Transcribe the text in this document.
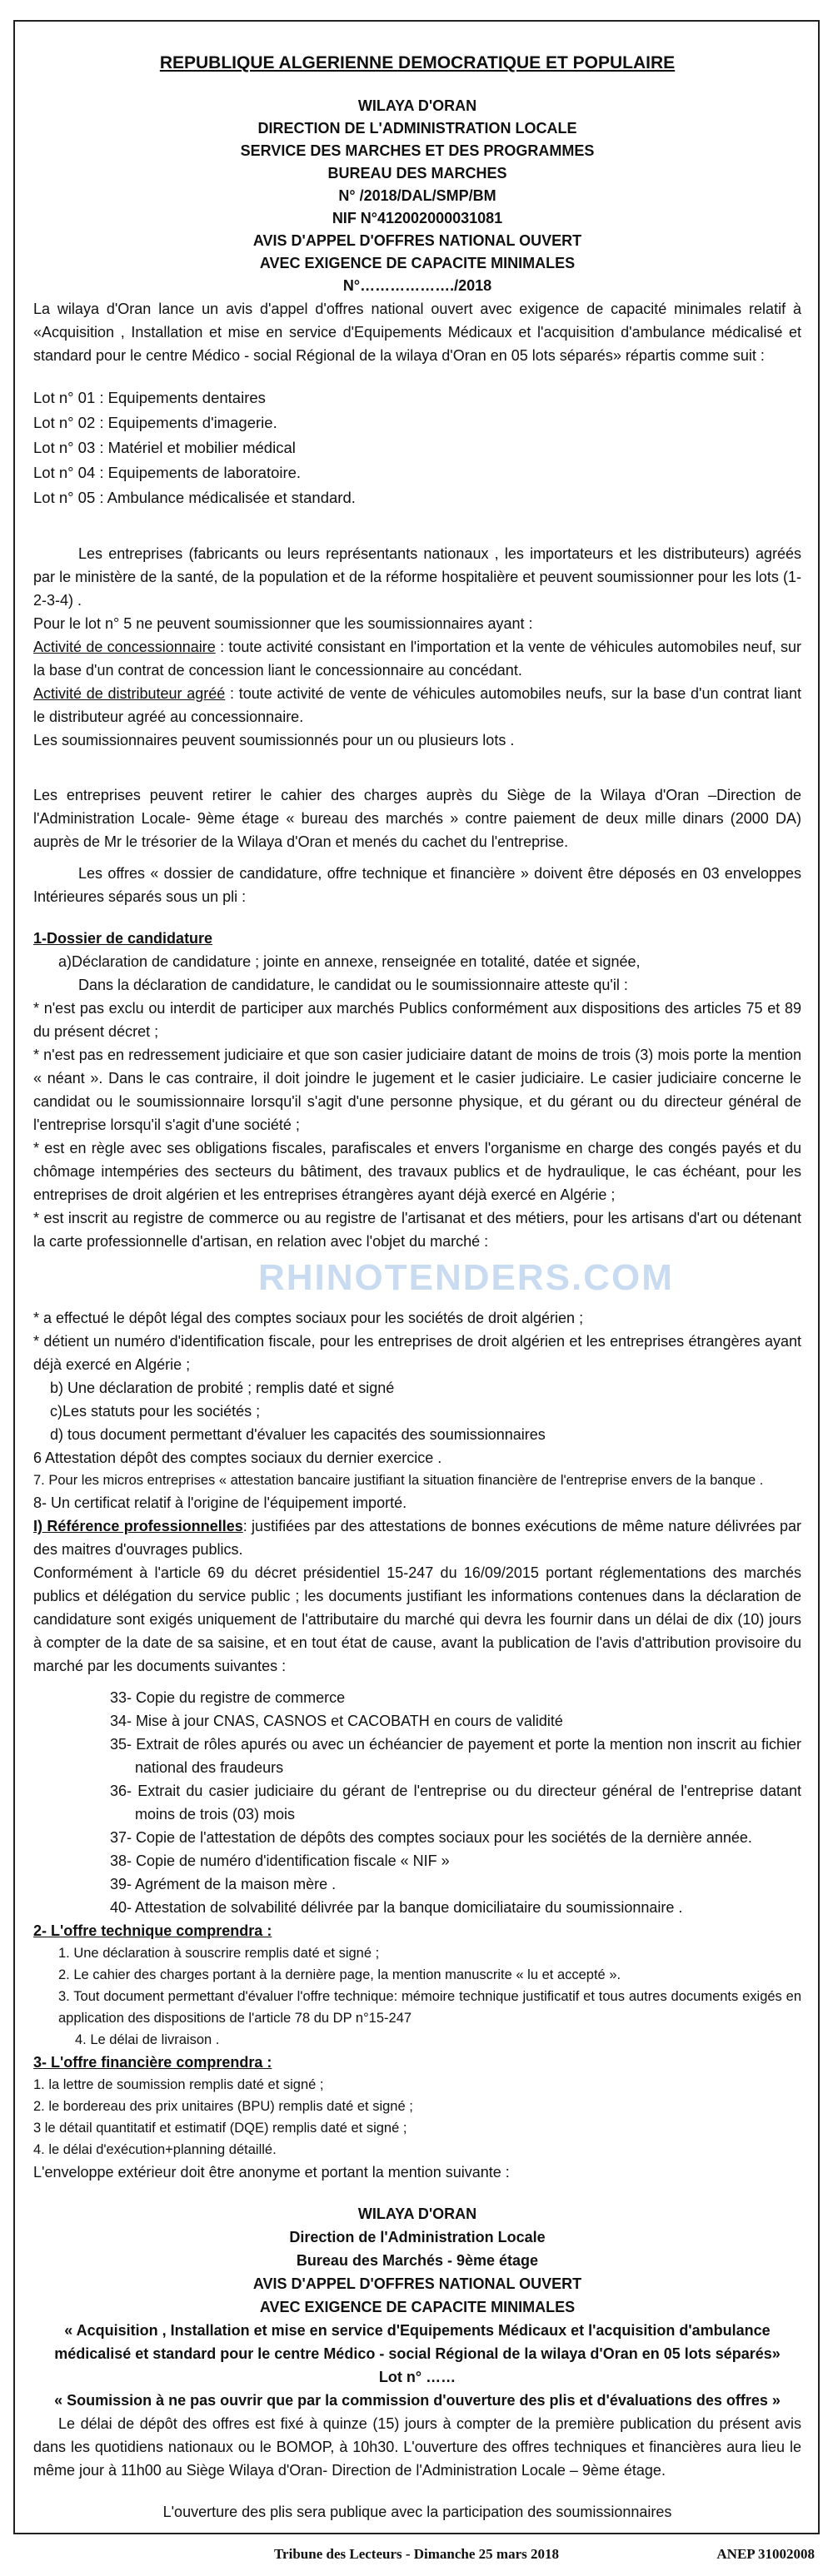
REPUBLIQUE ALGERIENNE DEMOCRATIQUE ET POPULAIRE
WILAYA D'ORAN
DIRECTION DE L'ADMINISTRATION LOCALE
SERVICE DES MARCHES ET DES PROGRAMMES
BUREAU DES MARCHES
N° /2018/DAL/SMP/BM
NIF N°412002000031081
AVIS D'APPEL D'OFFRES NATIONAL OUVERT
AVEC EXIGENCE DE CAPACITE MINIMALES
N°………………./2018

La wilaya d'Oran lance un avis d'appel d'offres national ouvert avec exigence de capacité minimales relatif à «Acquisition , Installation et mise en service d'Equipements Médicaux et l'acquisition d'ambulance médicalisé et standard pour le centre Médico - social Régional de la wilaya d'Oran en 05 lots séparés» répartis comme suit :

Lot n° 01 : Equipements dentaires
Lot n° 02 : Equipements d'imagerie.
Lot n° 03 : Matériel et mobilier médical
Lot n° 04 : Equipements de laboratoire.
Lot n° 05 : Ambulance médicalisée et standard.

Les entreprises (fabricants ou leurs représentants nationaux , les importateurs et les distributeurs) agréés par le ministère de la santé, de la population et de la réforme hospitalière et peuvent soumissionner pour les lots (1-2-3-4) .

Pour le lot n° 5 ne peuvent soumissionner que les soumissionnaires ayant :

Activité de concessionnaire : toute activité consistant en l'importation et la vente de véhicules automobiles neuf, sur la base d'un contrat de concession liant le concessionnaire au concédant.

Activité de distributeur agréé : toute activité de vente de véhicules automobiles neufs, sur la base d'un contrat liant le distributeur agréé au concessionnaire.

Les soumissionnaires peuvent soumissionnés pour un ou plusieurs lots .

Les entreprises peuvent retirer le cahier des charges auprès du Siège de la Wilaya d'Oran –Direction de l'Administration Locale- 9ème étage « bureau des marchés » contre paiement de deux mille dinars (2000 DA) auprès de Mr le trésorier de la Wilaya d'Oran et menés du cachet du l'entreprise.

Les offres « dossier de candidature, offre technique et financière » doivent être déposés en 03 enveloppes Intérieures séparés sous un pli :

1-Dossier de candidature

a)Déclaration de candidature ; jointe en annexe, renseignée en totalité, datée et signée,

Dans la déclaration de candidature, le candidat ou le soumissionnaire atteste qu'il :

* n'est pas exclu ou interdit de participer aux marchés Publics conformément aux dispositions des articles 75 et 89 du présent décret ;

* n'est pas en redressement judiciaire et que son casier judiciaire datant de moins de trois (3) mois porte la mention « néant ». Dans le cas contraire, il doit joindre le jugement et le casier judiciaire. Le casier judiciaire concerne le candidat ou le soumissionnaire lorsqu'il s'agit d'une personne physique, et du gérant ou du directeur général de l'entreprise lorsqu'il s'agit d'une société ;

* est en règle avec ses obligations fiscales, parafiscales et envers l'organisme en charge des congés payés et du chômage intempéries des secteurs du bâtiment, des travaux publics et de hydraulique, le cas échéant, pour les entreprises de droit algérien et les entreprises étrangères ayant déjà exercé en Algérie ;

* est inscrit au registre de commerce ou au registre de l'artisanat et des métiers, pour les artisans d'art ou détenant la carte professionnelle d'artisan, en relation avec l'objet du marché :

* a effectué le dépôt légal des comptes sociaux pour les sociétés de droit algérien ;

* détient un numéro d'identification fiscale, pour les entreprises de droit algérien et les entreprises étrangères ayant déjà exercé en Algérie ;

b) Une déclaration de probité ; remplis daté et signé

c)Les statuts pour les sociétés ;

d) tous document permettant d'évaluer les capacités des soumissionnaires

6 Attestation dépôt des comptes sociaux du dernier exercice .

7. Pour les micros entreprises « attestation bancaire justifiant la situation financière de l'entreprise envers de la banque .

8- Un certificat relatif à l'origine de l'équipement importé.

I) Référence professionnelles: justifiées par des attestations de bonnes exécutions de même nature délivrées par des maitres d'ouvrages publics.

Conformément à l'article 69 du décret présidentiel 15-247 du 16/09/2015 portant réglementations des marchés publics et délégation du service public ; les documents justifiant les informations contenues dans la déclaration de candidature sont exigés uniquement de l'attributaire du marché qui devra les fournir dans un délai de dix (10) jours à compter de la date de sa saisine, et en tout état de cause, avant la publication de l'avis d'attribution provisoire du marché par les documents suivantes :

33- Copie du registre de commerce

34- Mise à jour CNAS, CASNOS et CACOBATH en cours de validité

35- Extrait de rôles apurés ou avec un échéancier de payement et porte la mention non inscrit au fichier national des fraudeurs

36- Extrait du casier judiciaire du gérant de l'entreprise ou du directeur général de l'entreprise datant moins de trois (03) mois

37- Copie de l'attestation de dépôts des comptes sociaux pour les sociétés de la dernière année.

38- Copie de numéro d'identification fiscale « NIF »

39- Agrément de la maison mère .

40- Attestation de solvabilité délivrée par la banque domiciliataire du soumissionnaire .

2- L'offre technique comprendra :

1. Une déclaration à souscrire remplis daté et signé ;

2. Le cahier des charges portant à la dernière page, la mention manuscrite « lu et accepté ».

3. Tout document permettant d'évaluer l'offre technique: mémoire technique justificatif et tous autres documents exigés en application des dispositions de l'article 78 du DP n°15-247

4. Le délai de livraison .

3- L'offre financière comprendra :

1. la lettre de soumission remplis daté et signé ;

2. le bordereau des prix unitaires (BPU) remplis daté et signé ;

3 le détail quantitatif et estimatif (DQE) remplis daté et signé ;

4. le délai d'exécution+planning détaillé.

L'enveloppe extérieur doit être anonyme et portant la mention suivante :

WILAYA D'ORAN
Direction de l'Administration Locale
Bureau des Marchés - 9ème étage
AVIS D'APPEL D'OFFRES NATIONAL OUVERT
AVEC EXIGENCE DE CAPACITE MINIMALES
« Acquisition , Installation et mise en service d'Equipements Médicaux et l'acquisition d'ambulance médicalisé et standard pour le centre Médico - social Régional de la wilaya d'Oran en 05 lots séparés»
Lot n° ……
« Soumission à ne pas ouvrir que par la commission d'ouverture des plis et d'évaluations des offres »

Le délai de dépôt des offres est fixé à quinze (15) jours à compter de la première publication du présent avis dans les quotidiens nationaux ou le BOMOP, à 10h30. L'ouverture des offres techniques et financières aura lieu le même jour à 11h00 au Siège Wilaya d'Oran- Direction de l'Administration Locale – 9ème étage.

L'ouverture des plis sera publique avec la participation des soumissionnaires
RHINOTENDERS.COM
Tribune des Lecteurs - Dimanche 25 mars 2018	ANEP 31002008
